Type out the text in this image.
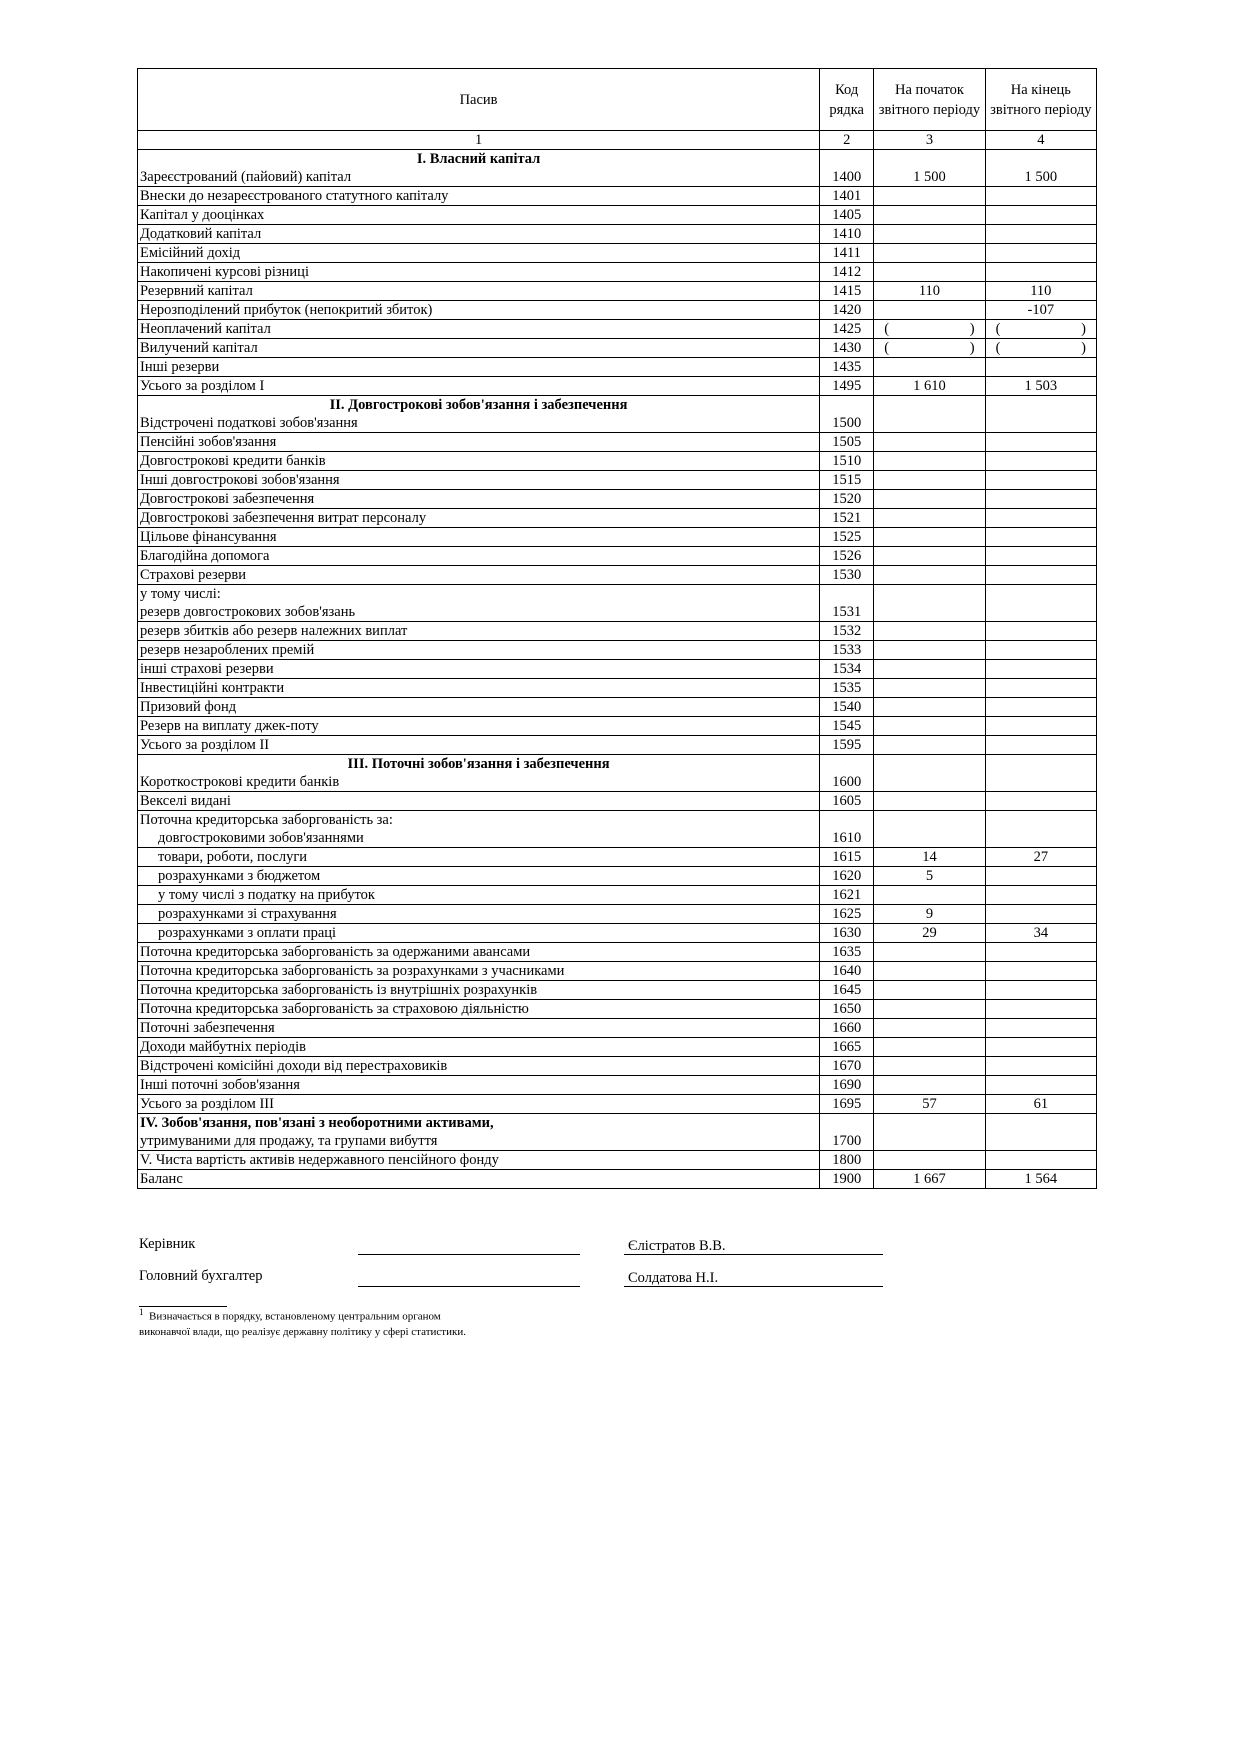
Пасив	Код рядка	На початок звітного періоду	На кінець звітного періоду
1	2	3	4

I. Власний капітал
Зареєстрований (пайовий) капітал	1400	1 500	1 500

Внески до незареєстрованого статутного капіталу	1401		

Капітал у дооцінках	1405		

Додатковий капітал	1410		

Емісійний дохід	1411		

Накопичені курсові різниці	1412		

Резервний капітал	1415	110	110

Нерозподілений прибуток (непокритий збиток)	1420		-107

Неоплачений капітал	1425	( )	( )

Вилучений капітал	1430	( )	( )

Інші резерви	1435		

Усього за розділом I	1495	1 610	1 503

II. Довгострокові зобов'язання і забезпечення
Відстрочені податкові зобов'язання	1500		

Пенсійні зобов'язання	1505		

Довгострокові кредити банків	1510		

Інші довгострокові зобов'язання	1515		

Довгострокові забезпечення	1520		

Довгострокові забезпечення витрат персоналу	1521		

Цільове фінансування	1525		

Благодійна допомога	1526		

Страхові резерви	1530		

у тому числі:
резерв довгострокових зобов'язань	1531		

резерв збитків або резерв належних виплат	1532		

резерв незароблених премій	1533		

інші страхові резерви	1534		

Інвестиційні контракти	1535		

Призовий фонд	1540		

Резерв на виплату джек-поту	1545		

Усього за розділом II	1595		

III. Поточні зобов'язання і забезпечення
Короткострокові кредити банків	1600		

Векселі видані	1605		

Поточна кредиторська заборгованість за:
довгостроковими зобов'язаннями	1610		

товари, роботи, послуги	1615	14	27

розрахунками з бюджетом	1620	5	

у тому числі з податку на прибуток	1621		

розрахунками зі страхування	1625	9	

розрахунками з оплати праці	1630	29	34

Поточна кредиторська заборгованість за одержаними авансами	1635		

Поточна кредиторська заборгованість за розрахунками з учасниками	1640		

Поточна кредиторська заборгованість із внутрішніх розрахунків	1645		

Поточна кредиторська заборгованість за страховою діяльністю	1650		

Поточні забезпечення	1660		

Доходи майбутніх періодів	1665		

Відстрочені комісійні доходи від перестраховиків	1670		

Інші поточні зобов'язання	1690		

Усього за розділом III	1695	57	61

IV. Зобов'язання, пов'язані з необоротними активами,
утримуваними для продажу, та групами вибуття	1700		

V. Чиста вартість активів недержавного пенсійного фонду	1800		

Баланс	1900	1 667	1 564
Керівник	Єлістратов В.В.
Головний бухгалтер	Солдатова Н.І.
$^1$ Визначається в порядку, встановленому центральним органом
виконавчої влади, що реалізує державну політику у сфері статистики.
